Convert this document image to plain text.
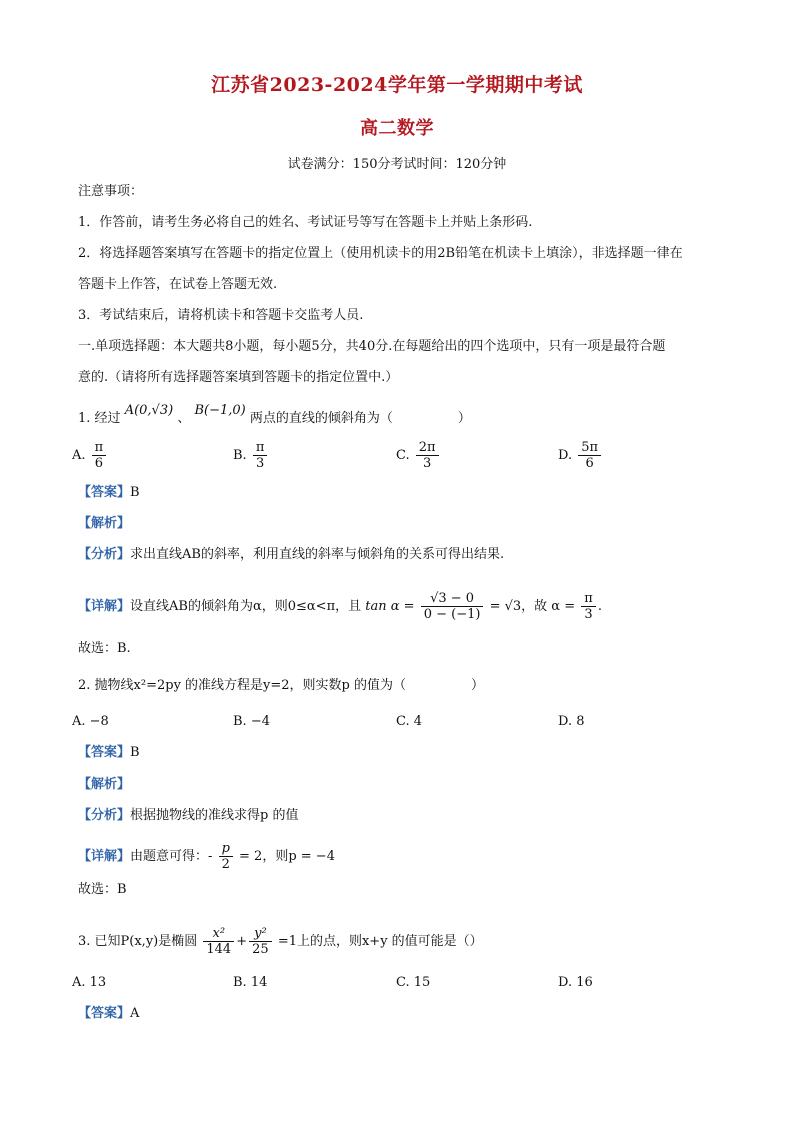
江苏省2023-2024学年第一学期期中考试
高二数学
试卷满分：150分考试时间：120分钟
注意事项：
1．作答前，请考生务必将自己的姓名、考试证号等写在答题卡上并贴上条形码.
2．将选择题答案填写在答题卡的指定位置上（使用机读卡的用2B铅笔在机读卡上填涂），非选择题一律在
答题卡上作答，在试卷上答题无效.
3．考试结束后，请将机读卡和答题卡交监考人员.
一.单项选择题：本大题共8小题，每小题5分，共40分.在每题给出的四个选项中，只有一项是最符合题
意的.（请将所有选择题答案填到答题卡的指定位置中.）
1. 经过 A(0,√3) 、 B(−1,0) 两点的直线的倾斜角为（　　　　　）
A. $\frac{\pi}{6}$	B. $\frac{\pi}{3}$	C. $\frac{2\pi}{3}$	D. $\frac{5\pi}{6}$
【答案】B
【解析】
【分析】求出直线AB的斜率，利用直线的斜率与倾斜角的关系可得出结果.
【详解】设直线AB的倾斜角为α，则0≤α<π，且 $\tan \alpha = \frac{√3 - 0}{0 - (-1)} = √3$，故 $\alpha = \frac{\pi}{3}$ .
故选：B.
2. 抛物线x²=2py 的准线方程是y=2，则实数p 的值为（　　　　　）
A. −8	B. −4	C. 4	D. 8
【答案】B
【解析】
【分析】根据抛物线的准线求得p 的值
【详解】由题意可得：- $\frac{p}{2} = 2$，则p = −4
故选：B
3. 已知P(x,y)是椭圆 $\frac{\text{x²}}{144} + \frac{\text{y²}}{25} =1$上的点，则x+y 的值可能是（）
A. 13	B. 14	C. 15	D. 16
【答案】A
